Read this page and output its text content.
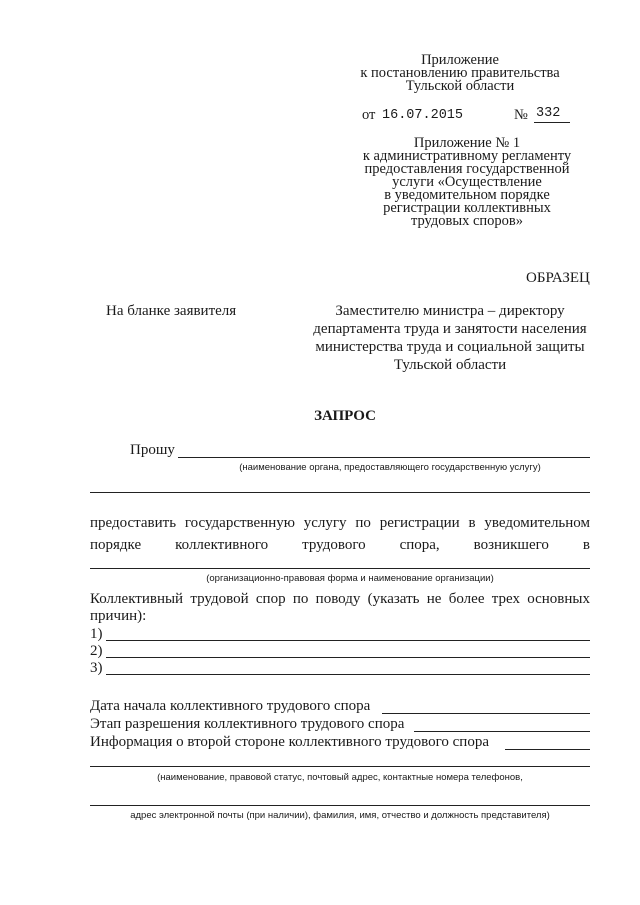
Приложение
к постановлению правительства
Тульской области
от 16.07.2015	№ 332
Приложение № 1
к административному регламенту
предоставления государственной
услуги «Осуществление
в уведомительном порядке
регистрации коллективных
трудовых споров»
ОБРАЗЕЦ
На бланке заявителя	Заместителю министра – директору
департамента труда и занятости населения
министерства труда и социальной защиты
Тульской области
ЗАПРОС
Прошу
(наименование органа, предоставляющего государственную услугу)
предоставить государственную услугу по регистрации в уведомительном
порядке коллективного трудового спора, возникшего в
(организационно-правовая форма и наименование организации)
Коллективный трудовой спор по поводу (указать не более трех основных
причин):
1)
2)
3)
Дата начала коллективного трудового спора
Этап разрешения коллективного трудового спора
Информация о второй стороне коллективного трудового спора
(наименование, правовой статус, почтовый адрес, контактные номера телефонов,
адрес электронной почты (при наличии), фамилия, имя, отчество и должность представителя)
